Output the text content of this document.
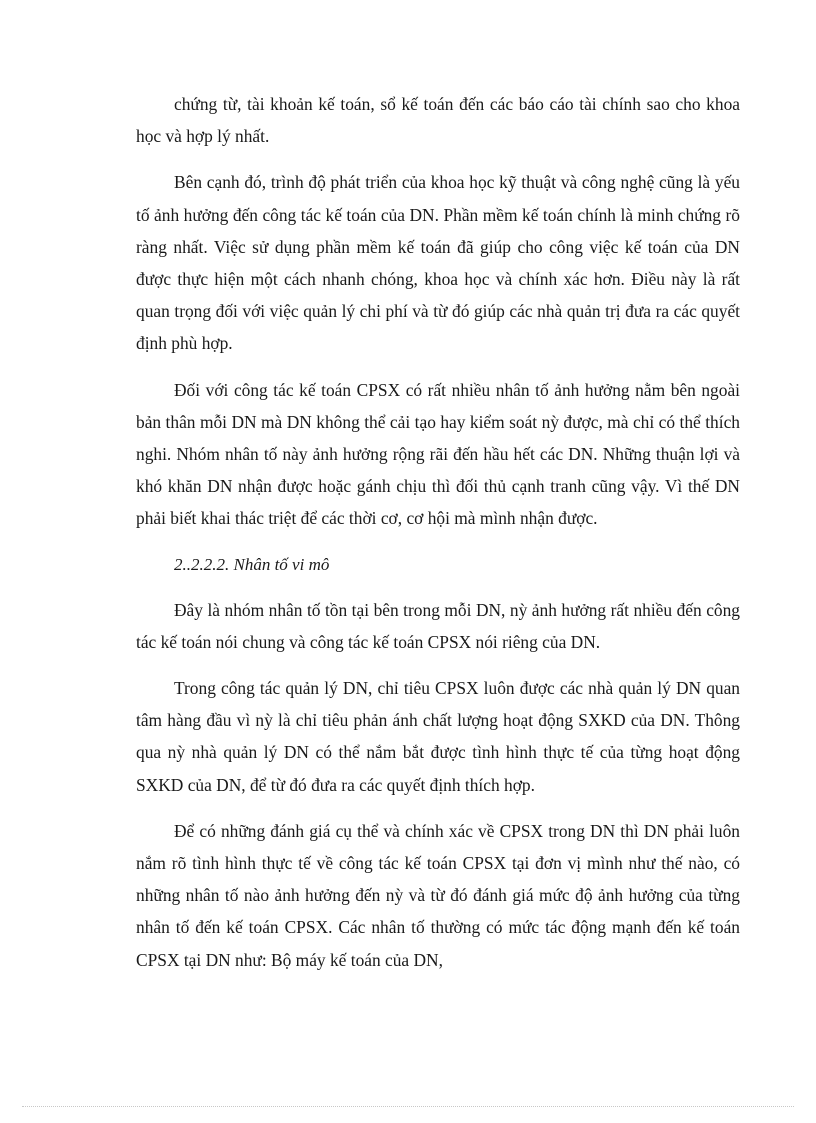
chứng từ, tài khoản kế toán, sổ kế toán đến các báo cáo tài chính sao cho khoa học và hợp lý nhất.

Bên cạnh đó, trình độ phát triển của khoa học kỹ thuật và công nghệ cũng là yếu tố ảnh hưởng đến công tác kế toán của DN. Phần mềm kế toán chính là minh chứng rõ ràng nhất. Việc sử dụng phần mềm kế toán đã giúp cho công việc kế toán của DN được thực hiện một cách nhanh chóng, khoa học và chính xác hơn. Điều này là rất quan trọng đối với việc quản lý chi phí và từ đó giúp các nhà quản trị đưa ra các quyết định phù hợp.

Đối với công tác kế toán CPSX có rất nhiều nhân tố ảnh hưởng nằm bên ngoài bản thân mỗi DN mà DN không thể cải tạo hay kiểm soát nỳ được, mà chỉ có thể thích nghi. Nhóm nhân tố này ảnh hưởng rộng rãi đến hầu hết các DN. Những thuận lợi và khó khăn DN nhận được hoặc gánh chịu thì đối thủ cạnh tranh cũng vậy. Vì thế DN phải biết khai thác triệt để các thời cơ, cơ hội mà mình nhận được.

2..2.2.2. Nhân tố vi mô

Đây là nhóm nhân tố tồn tại bên trong mỗi DN, nỳ ảnh hưởng rất nhiều đến công tác kế toán nói chung và công tác kế toán CPSX nói riêng của DN.

Trong công tác quản lý DN, chỉ tiêu CPSX luôn được các nhà quản lý DN quan tâm hàng đầu vì nỳ là chỉ tiêu phản ánh chất lượng hoạt động SXKD của DN. Thông qua nỳ nhà quản lý DN có thể nắm bắt được tình hình thực tế của từng hoạt động SXKD của DN, để từ đó đưa ra các quyết định thích hợp.

Để có những đánh giá cụ thể và chính xác về CPSX trong DN thì DN phải luôn nắm rõ tình hình thực tế về công tác kế toán CPSX tại đơn vị mình như thế nào, có những nhân tố nào ảnh hưởng đến nỳ và từ đó đánh giá mức độ ảnh hưởng của từng nhân tố đến kế toán CPSX. Các nhân tố thường có mức tác động mạnh đến kế toán CPSX tại DN như: Bộ máy kế toán của DN,
